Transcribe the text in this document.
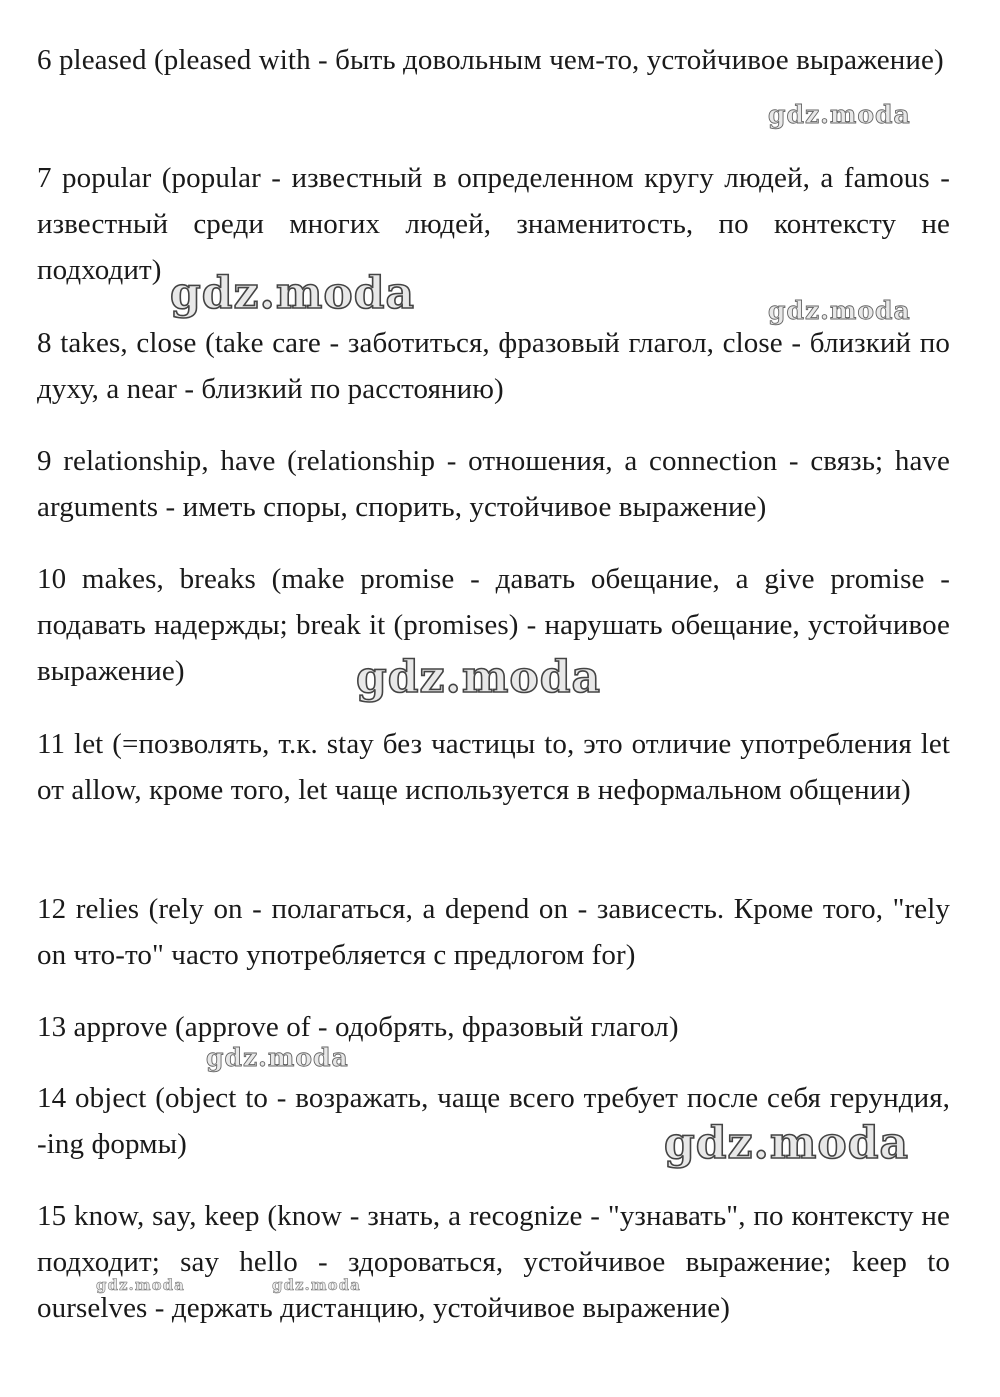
6 pleased (pleased with - быть довольным чем-то, устойчивое выражение)

7 popular (popular - известный в определенном кругу людей, a famous - известный среди многих людей, знаменитость, по контексту не подходит)

8 takes, close (take care - заботиться, фразовый глагол, close - близкий по духу, a near - близкий по расстоянию)

9 relationship, have (relationship - отношения, a connection - связь; have arguments - иметь споры, спорить, устойчивое выражение)

10 makes, breaks (make promise - давать обещание, a give promise - подавать надержды; break it (promises) - нарушать обещание, устойчивое выражение)

11 let (=позволять, т.к. stay без частицы to, это отличие употребления let от allow, кроме того, let чаще используется в неформальном общении)

12 relies (rely on - полагаться, a depend on - зависесть. Кроме того, "rely on что-то" часто употребляется с предлогом for)

13 approve (approve of - одобрять, фразовый глагол)

14 object (object to - возражать, чаще всего требует после себя герундия, -ing формы)

15 know, say, keep (know - знать, a recognize - "узнавать", по контексту не подходит; say hello - здороваться, устойчивое выражение; keep to ourselves - держать дистанцию, устойчивое выражение)

gdz.moda
gdz.moda	gdz.moda
gdz.moda
gdz.moda
gdz.moda
gdz.moda	gdz.moda
